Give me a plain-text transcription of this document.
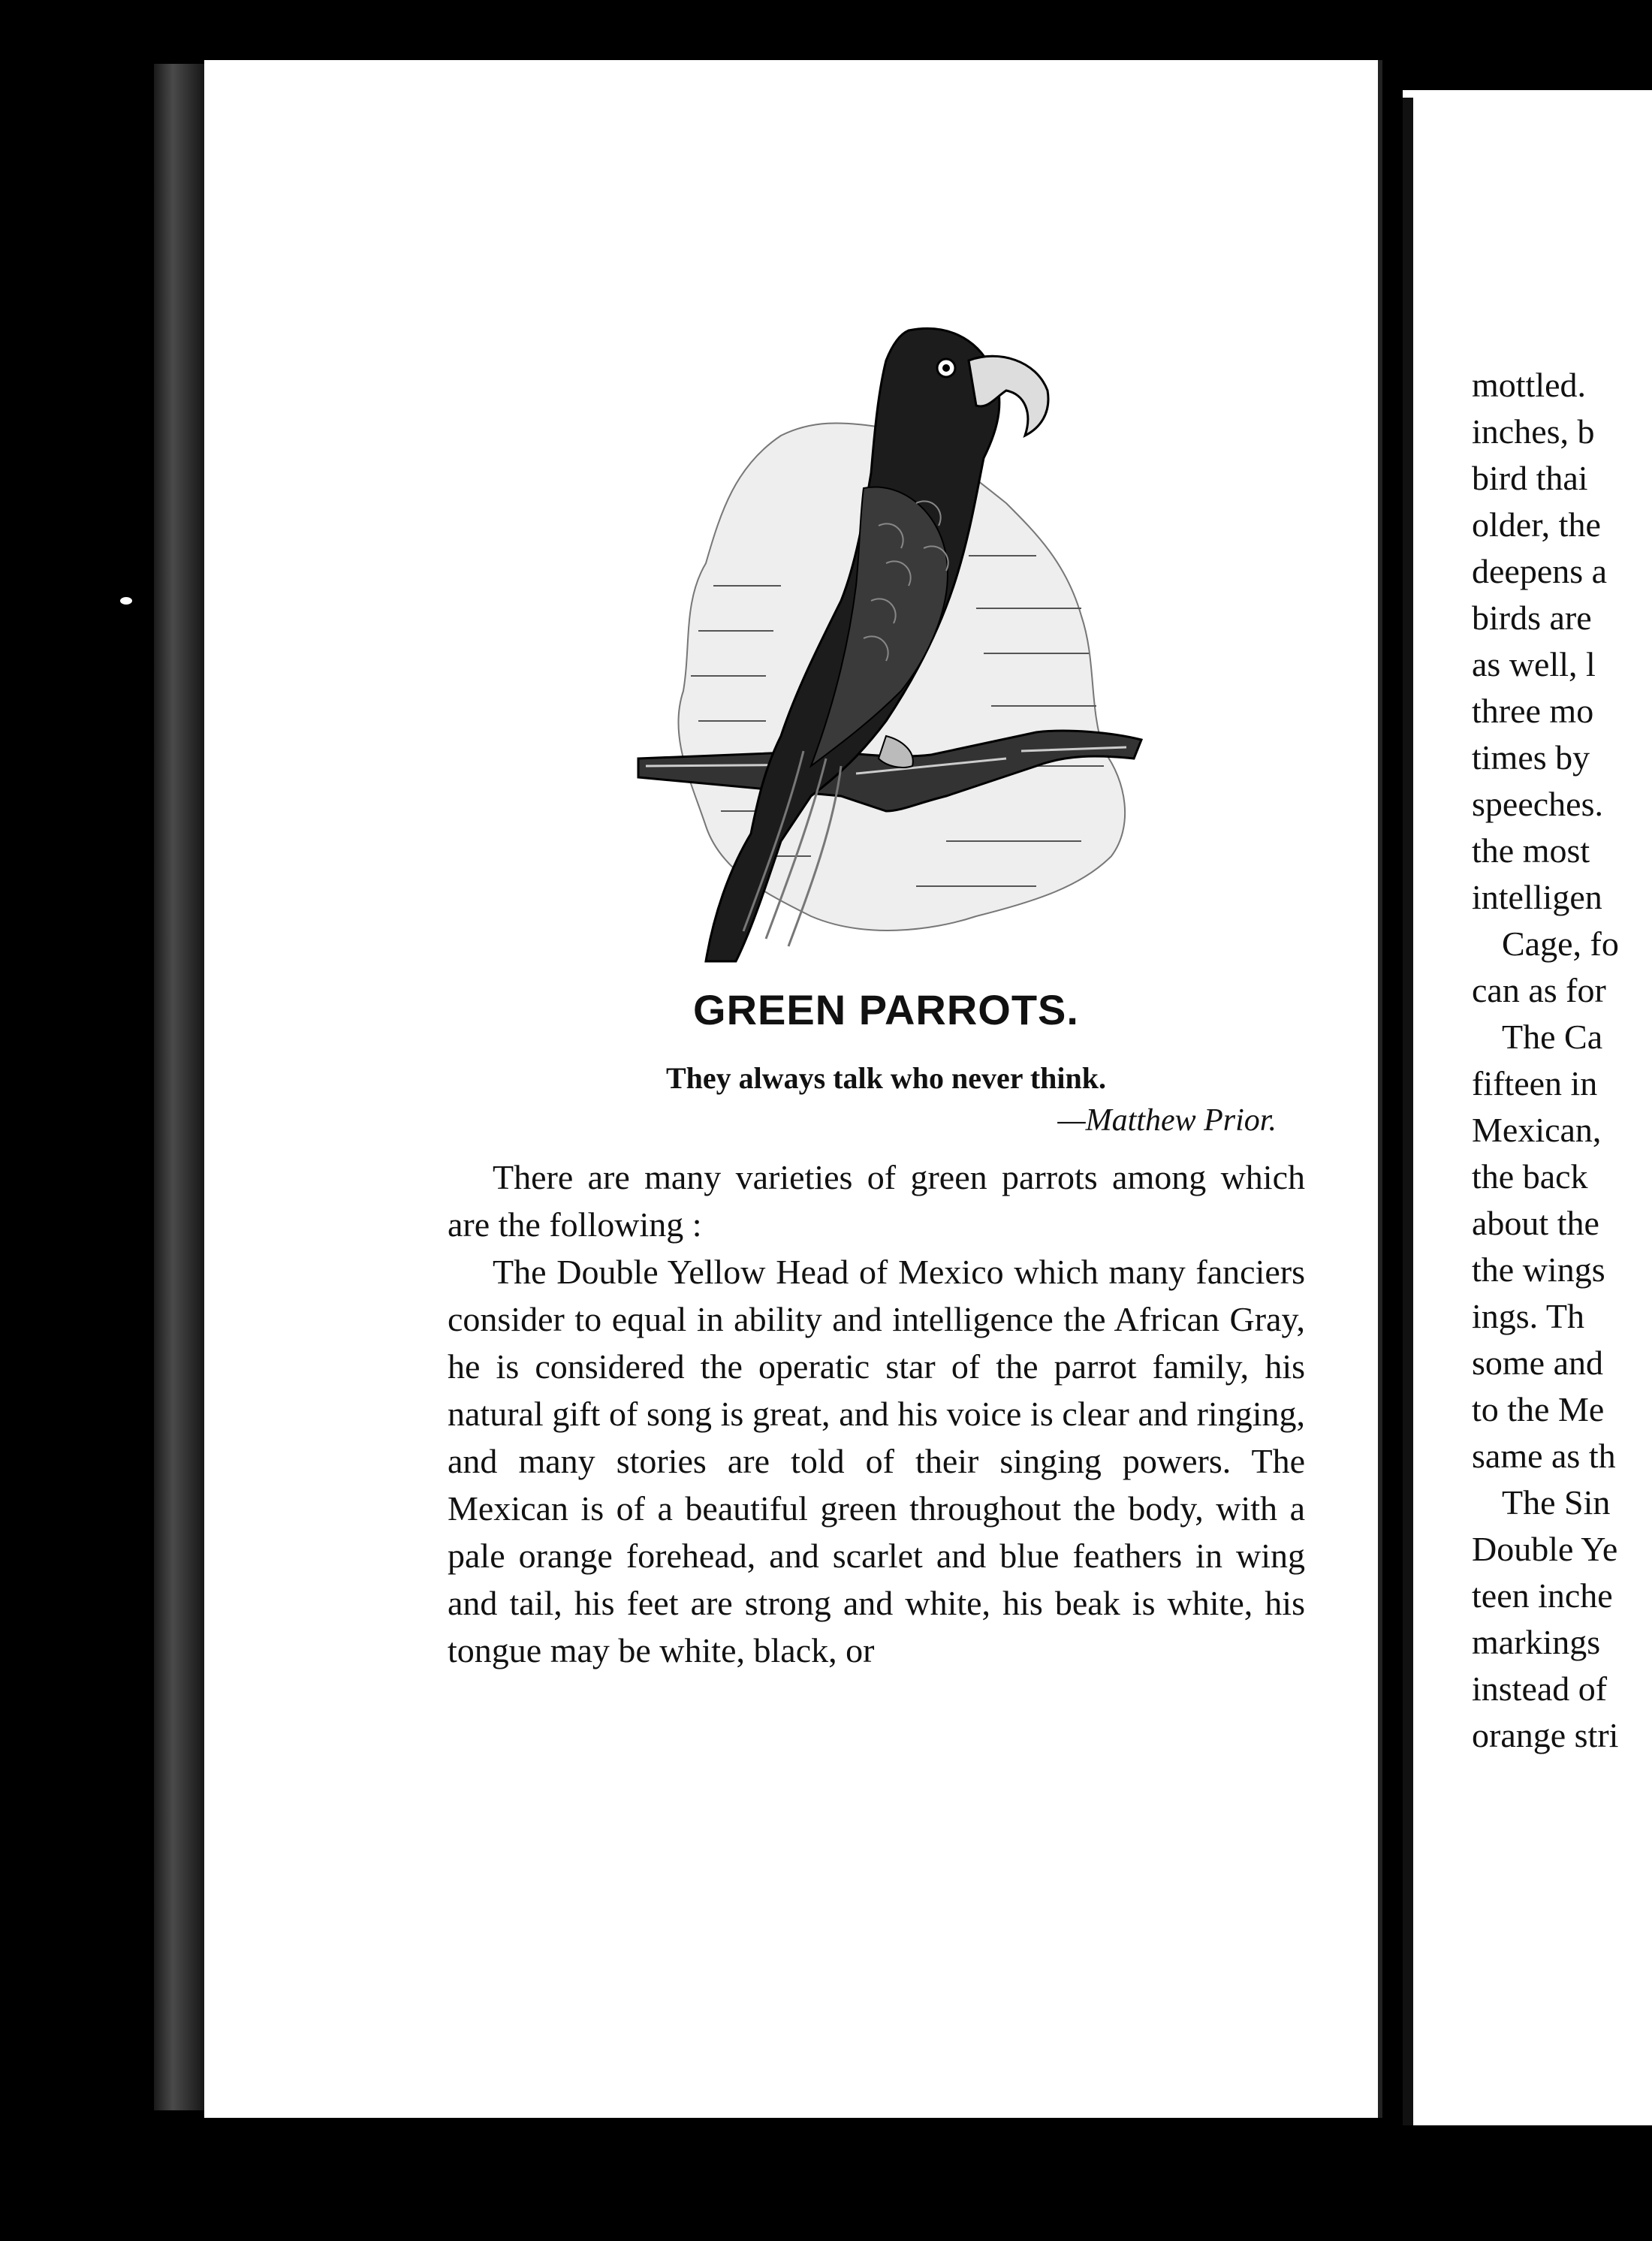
GREEN PARROTS.
They always talk who never think.
—Matthew Prior.

There are many varieties of green parrots among which are the following :

The Double Yellow Head of Mexico which many fanciers consider to equal in ability and intelligence the African Gray, he is considered the operatic star of the parrot family, his natural gift of song is great, and his voice is clear and ringing, and many stories are told of their singing powers. The Mexican is of a beautiful green throughout the body, with a pale orange forehead, and scarlet and blue feathers in wing and tail, his feet are strong and white, his beak is white, his tongue may be white, black, or

mottled.
inches, b
bird thai
older, the
deepens a
birds are
as well, l
three mo
times by
speeches.
the most
intelligen
Cage, fo
can as for
The Ca
fifteen in
Mexican,
the back
about the
the wings
ings. Th
some and
to the Me
same as th
The Sin
Double Ye
teen inche
markings
instead of
orange stri
